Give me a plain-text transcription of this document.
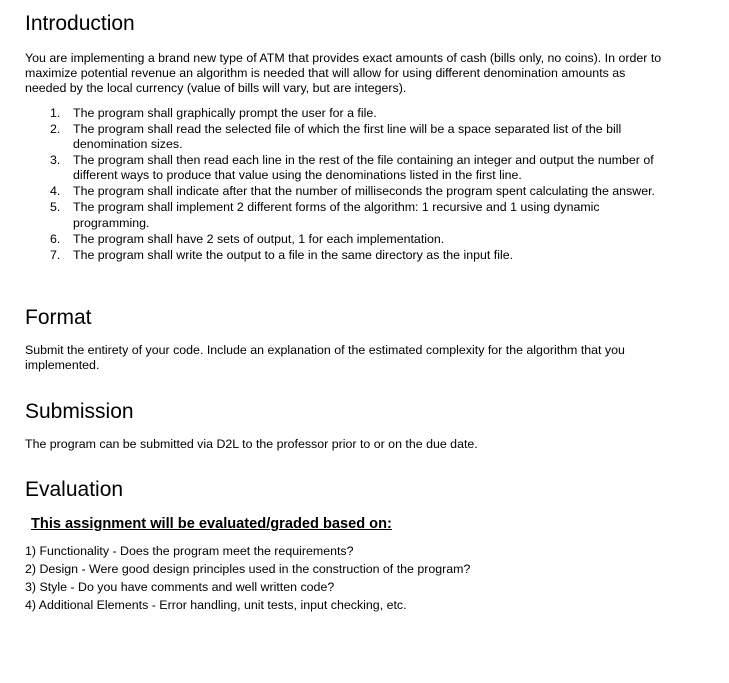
Introduction

You are implementing a brand new type of ATM that provides exact amounts of cash (bills only, no coins). In order to maximize potential revenue an algorithm is needed that will allow for using different denomination amounts as needed by the local currency (value of bills will vary, but are integers).

1. The program shall graphically prompt the user for a file.
2. The program shall read the selected file of which the first line will be a space separated list of the bill denomination sizes.
3. The program shall then read each line in the rest of the file containing an integer and output the number of different ways to produce that value using the denominations listed in the first line.
4. The program shall indicate after that the number of milliseconds the program spent calculating the answer.
5. The program shall implement 2 different forms of the algorithm: 1 recursive and 1 using dynamic programming.
6. The program shall have 2 sets of output, 1 for each implementation.
7. The program shall write the output to a file in the same directory as the input file.
Format

Submit the entirety of your code. Include an explanation of the estimated complexity for the algorithm that you implemented.

Submission

The program can be submitted via D2L to the professor prior to or on the due date.

Evaluation

This assignment will be evaluated/graded based on:

1) Functionality - Does the program meet the requirements?
2) Design - Were good design principles used in the construction of the program?
3) Style - Do you have comments and well written code?
4) Additional Elements - Error handling, unit tests, input checking, etc.
